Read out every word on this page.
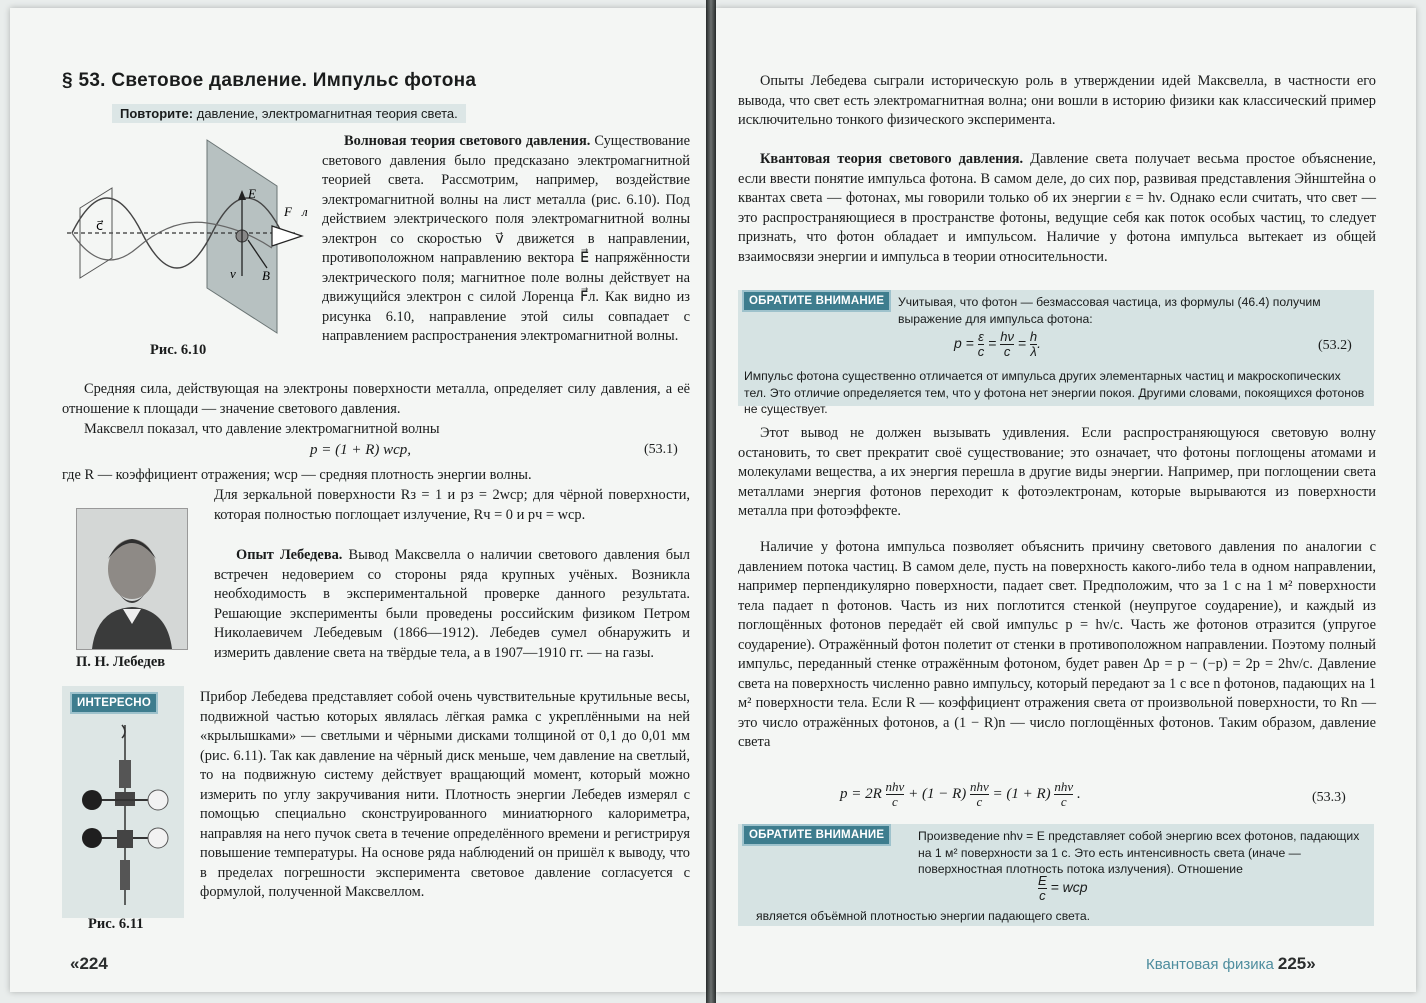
§ 53. Световое давление. Импульс фотона
Повторите: давление, электромагнитная теория света.
c⃗
E⃗
F⃗л
v⃗ B⃗
Рис. 6.10
Волновая теория светового давления. Существование светового давления было предсказано электромагнитной теорией света. Рассмотрим, например, воздействие электромагнитной волны на лист металла (рис. 6.10). Под действием электрического поля электромагнитной волны электрон со скоростью v⃗ движется в направлении, противоположном направлению вектора E⃗ напряжённости электрического поля; магнитное поле волны действует на движущийся электрон с силой Лоренца F⃗л. Как видно из рисунка 6.10, направление этой силы совпадает с направлением распространения электромагнитной волны.
Средняя сила, действующая на электроны поверхности металла, определяет силу давления, а её отношение к площади — значение светового давления.
Максвелл показал, что давление электромагнитной волны
p = (1 + R) wср,	(53.1)
где R — коэффициент отражения; wср — средняя плотность энергии волны.
П. Н. Лебедев
Для зеркальной поверхности Rз = 1 и pз = 2wср; для чёрной поверхности, которая полностью поглощает излучение, Rч = 0 и pч = wср.
Опыт Лебедева. Вывод Максвелла о наличии светового давления был встречен недоверием со стороны ряда крупных учёных. Возникла необходимость в экспериментальной проверке данного результата. Решающие эксперименты были проведены российским физиком Петром Николаевичем Лебедевым (1866—1912). Лебедев сумел обнаружить и измерить давление света на твёрдые тела, а в 1907—1910 гг. — на газы.
ИНТЕРЕСНО
Рис. 6.11
Прибор Лебедева представляет собой очень чувствительные крутильные весы, подвижной частью которых являлась лёгкая рамка с укреплёнными на ней «крылышками» — светлыми и чёрными дисками толщиной от 0,1 до 0,01 мм (рис. 6.11). Так как давление на чёрный диск меньше, чем давление на светлый, то на подвижную систему действует вращающий момент, который можно измерить по углу закручивания нити. Плотность энергии Лебедев измерял с помощью специально сконструированного миниатюрного калориметра, направляя на него пучок света в течение определённого времени и регистрируя повышение температуры. На основе ряда наблюдений он пришёл к выводу, что в пределах погрешности эксперимента световое давление согласуется с формулой, полученной Максвеллом.
«224
Опыты Лебедева сыграли историческую роль в утверждении идей Максвелла, в частности его вывода, что свет есть электромагнитная волна; они вошли в историю физики как классический пример исключительно тонкого физического эксперимента.
Квантовая теория светового давления. Давление света получает весьма простое объяснение, если ввести понятие импульса фотона. В самом деле, до сих пор, развивая представления Эйнштейна о квантах света — фотонах, мы говорили только об их энергии ε = hν. Однако если считать, что свет — это распространяющиеся в пространстве фотоны, ведущие себя как поток особых частиц, то следует признать, что фотон обладает и импульсом. Наличие у фотона импульса вытекает из общей взаимосвязи энергии и импульса в теории относительности.
Учитывая, что фотон — безмассовая частица, из формулы (46.4) получим выражение для импульса фотона:
$p = \frac{\varepsilon}{c} = \frac{h\nu}{c} = \frac{h}{\lambda}$ .	(53.2)
Импульс фотона существенно отличается от импульса других элементарных частиц и макроскопических тел. Это отличие определяется тем, что у фотона нет энергии покоя. Другими словами, покоящихся фотонов не существует.
ОБРАТИТЕ ВНИМАНИЕ
Этот вывод не должен вызывать удивления. Если распространяющуюся световую волну остановить, то свет прекратит своё существование; это означает, что фотоны поглощены атомами и молекулами вещества, а их энергия перешла в другие виды энергии. Например, при поглощении света металлами энергия фотонов переходит к фотоэлектронам, которые вырываются из поверхности металла при фотоэффекте.
Наличие у фотона импульса позволяет объяснить причину светового давления по аналогии с давлением потока частиц. В самом деле, пусть на поверхность какого-либо тела в одном направлении, например перпендикулярно поверхности, падает свет. Предположим, что за 1 с на 1 м² поверхности тела падает n фотонов. Часть из них поглотится стенкой (неупругое соударение), и каждый из поглощённых фотонов передаёт ей свой импульс p = hν/c. Часть же фотонов отразится (упругое соударение). Отражённый фотон полетит от стенки в противоположном направлении. Поэтому полный импульс, переданный стенке отражённым фотоном, будет равен Δp = p − (−p) = 2p = 2hν/c. Давление света на поверхность численно равно импульсу, который передают за 1 с все n фотонов, падающих на 1 м² поверхности тела. Если R — коэффициент отражения света от произвольной поверхности, то Rn — это число отражённых фотонов, а (1 − R)n — число поглощённых фотонов. Таким образом, давление света
$p = 2R \frac{\text{nhν}}{c} + (1 - R) \frac{\text{nhν}}{c} = (1 + R) \frac{\text{nhν}}{c}$ .	(53.3)
Произведение nhν = E представляет собой энергию всех фотонов, падающих на 1 м² поверхности за 1 с. Это есть интенсивность света (иначе — поверхностная плотность потока излучения). Отношение
$\frac{E}{c}$ = wср
является объёмной плотностью энергии падающего света.
ОБРАТИТЕ ВНИМАНИЕ
Квантовая физика 225»
